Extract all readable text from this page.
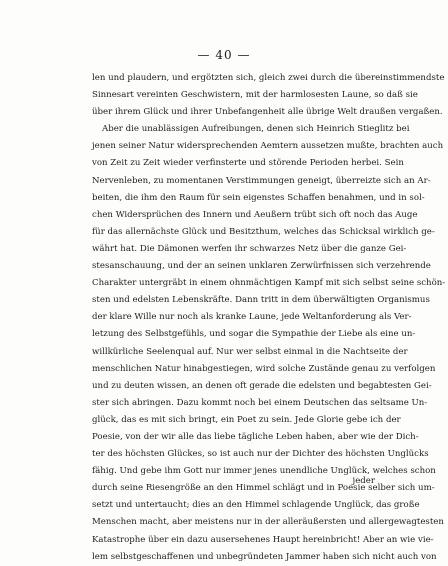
— 40 —
len und plaudern, und ergötzten sich, gleich zwei durch die übereinstimmendste
Sinnesart vereinten Geschwistern, mit der harmlosesten Laune, so daß sie
über ihrem Glück und ihrer Unbefangenheit alle übrige Welt draußen vergaßen.
Aber die unablässigen Aufreibungen, denen sich Heinrich Stieglitz bei
jenen seiner Natur widersprechenden Aemtern aussetzen mußte, brachten auch
von Zeit zu Zeit wieder verfinsterte und störende Perioden herbei. Sein
Nervenleben, zu momentanen Verstimmungen geneigt, überreizte sich an Ar-
beiten, die ihm den Raum für sein eigenstes Schaffen benahmen, und in sol-
chen Widersprüchen des Innern und Aeußern trübt sich oft noch das Auge
für das allernächste Glück und Besitzthum, welches das Schicksal wirklich ge-
währt hat. Die Dämonen werfen ihr schwarzes Netz über die ganze Gei-
stesanschauung, und der an seinen unklaren Zerwürfnissen sich verzehrende
Charakter untergräbt in einem ohnmächtigen Kampf mit sich selbst seine schön-
sten und edelsten Lebenskräfte. Dann tritt in dem überwältigten Organismus
der klare Wille nur noch als kranke Laune, jede Weltanforderung als Ver-
letzung des Selbstgefühls, und sogar die Sympathie der Liebe als eine un-
willkürliche Seelenqual auf. Nur wer selbst einmal in die Nachtseite der
menschlichen Natur hinabgestiegen, wird solche Zustände genau zu verfolgen
und zu deuten wissen, an denen oft gerade die edelsten und begabtesten Gei-
ster sich abringen. Dazu kommt noch bei einem Deutschen das seltsame Un-
glück, das es mit sich bringt, ein Poet zu sein. Jede Glorie gebe ich der
Poesie, von der wir alle das liebe tägliche Leben haben, aber wie der Dich-
ter des höchsten Glückes, so ist auch nur der Dichter des höchsten Unglücks
fähig. Und gebe ihm Gott nur immer jenes unendliche Unglück, welches schon
durch seine Riesengröße an den Himmel schlägt und in Poesie selber sich um-
setzt und untertaucht; dies an den Himmel schlagende Unglück, das große
Menschen macht, aber meistens nur in der alleräußersten und allergewagtesten
Katastrophe über ein dazu ausersehenes Haupt hereinbricht! Aber an wie vie-
lem selbstgeschaffenen und unbegründeten Jammer haben sich nicht auch von
jeder
